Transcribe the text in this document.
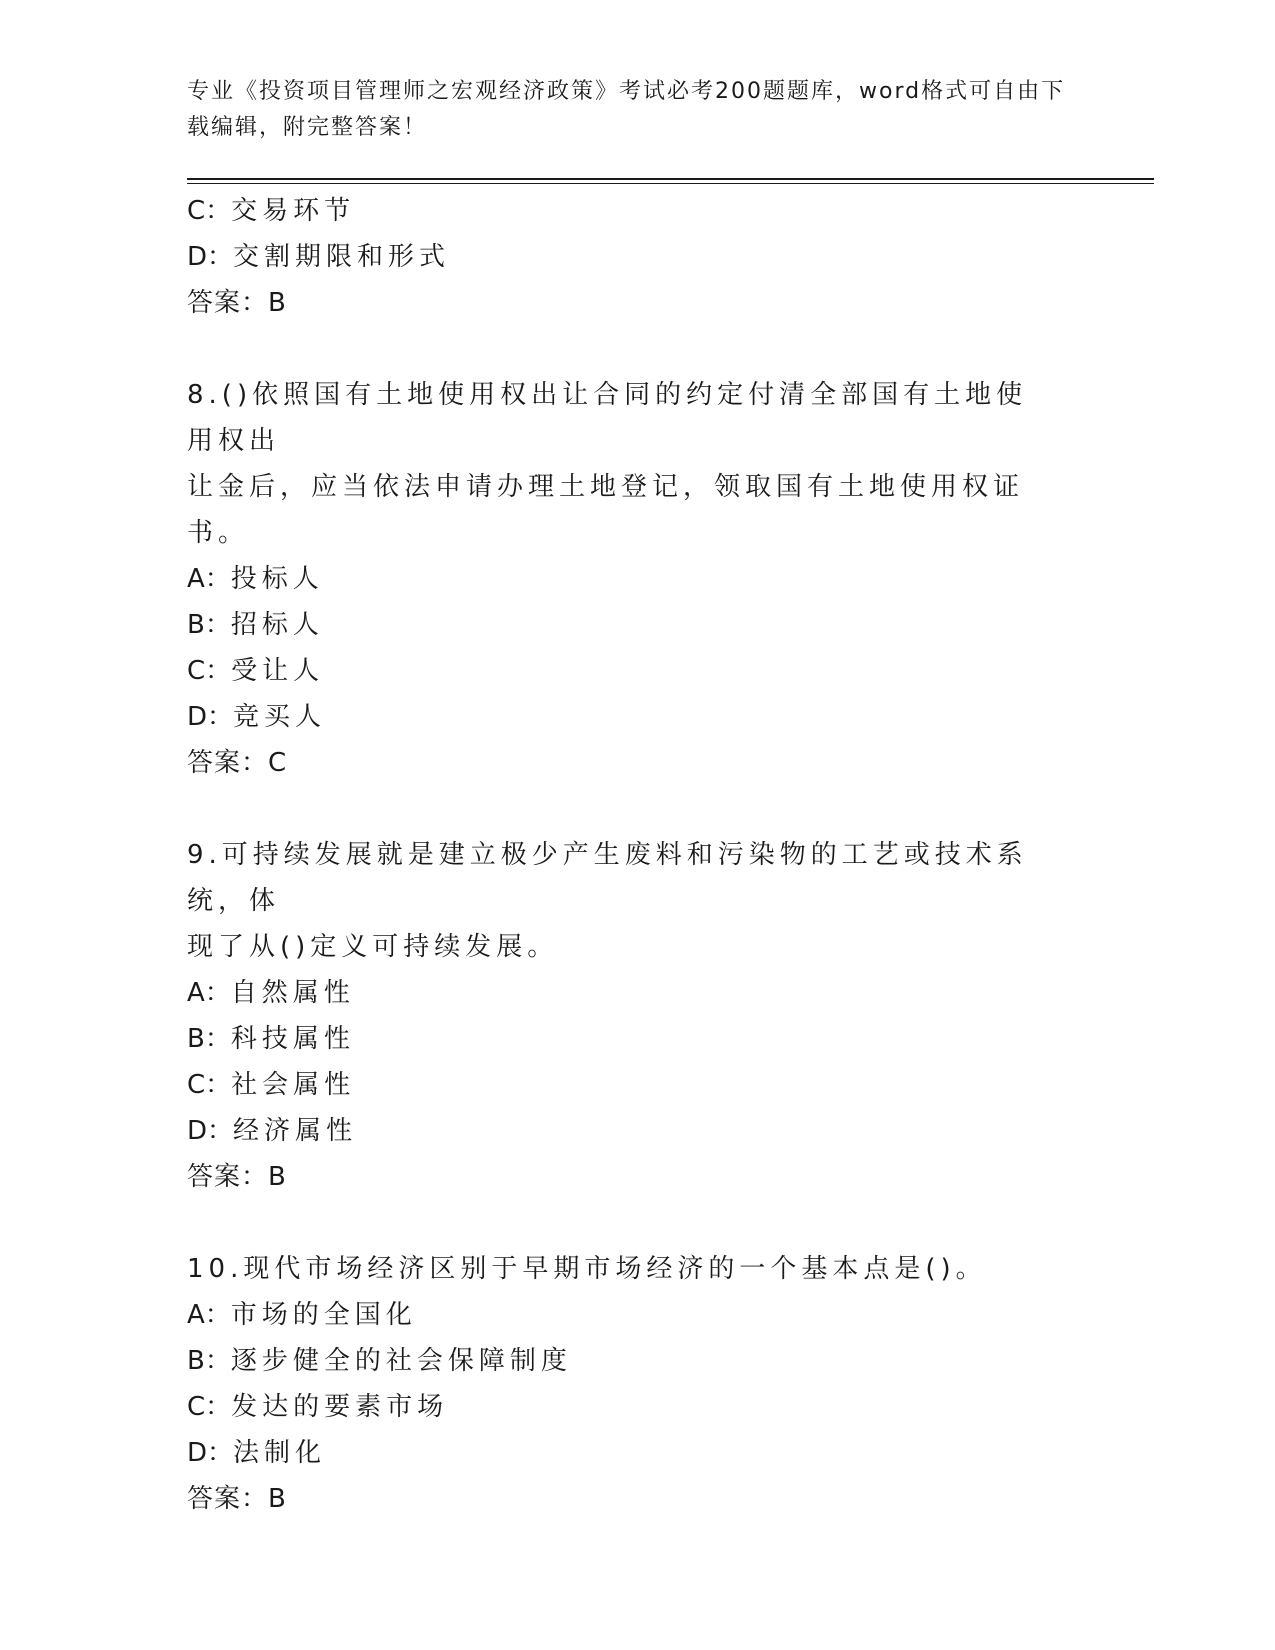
专业《投资项目管理师之宏观经济政策》考试必考200题题库，word格式可自由下载编辑，附完整答案！
C：交易环节
D：交割期限和形式
答案：B
8.()依照国有土地使用权出让合同的约定付清全部国有土地使用权出
让金后，应当依法申请办理土地登记，领取国有土地使用权证书。
A：投标人
B：招标人
C：受让人
D：竞买人
答案：C
9.可持续发展就是建立极少产生废料和污染物的工艺或技术系统，体
现了从()定义可持续发展。
A：自然属性
B：科技属性
C：社会属性
D：经济属性
答案：B
10.现代市场经济区别于早期市场经济的一个基本点是()。
A：市场的全国化
B：逐步健全的社会保障制度
C：发达的要素市场
D：法制化
答案：B
